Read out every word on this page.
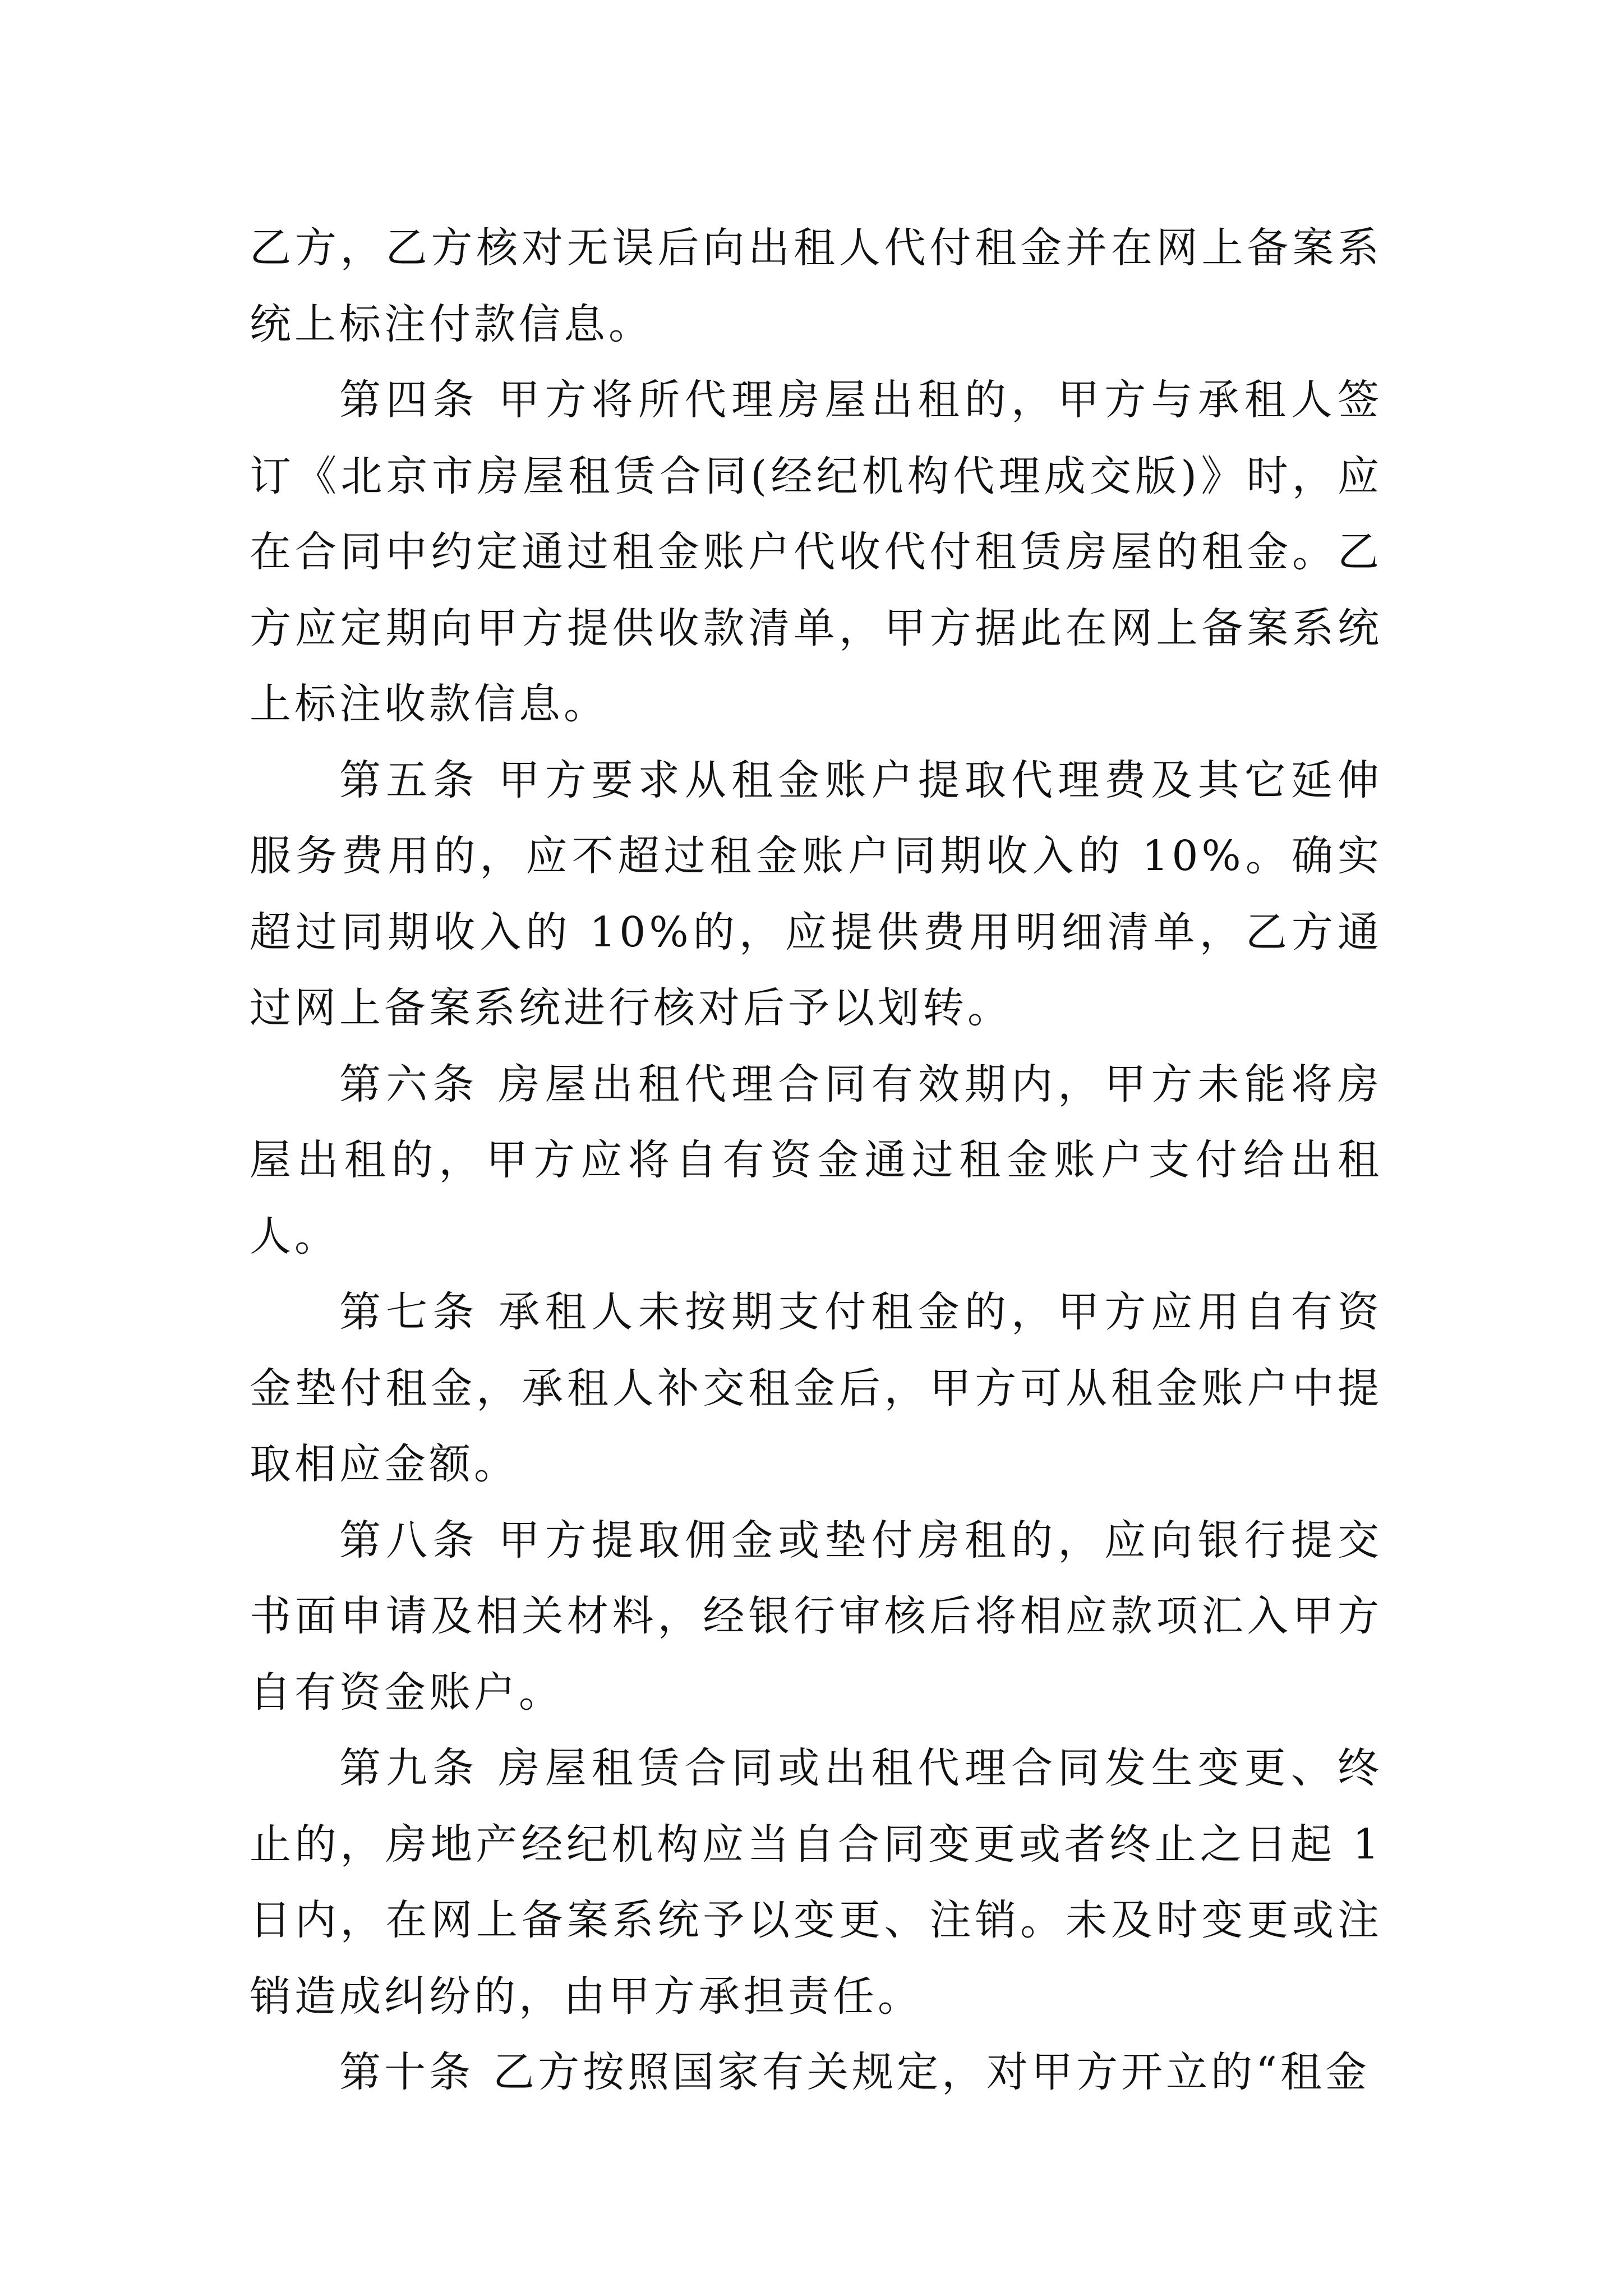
乙方，乙方核对无误后向出租人代付租金并在网上备案系统上标注付款信息。

第四条 甲方将所代理房屋出租的，甲方与承租人签订《北京市房屋租赁合同(经纪机构代理成交版)》时，应在合同中约定通过租金账户代收代付租赁房屋的租金。乙方应定期向甲方提供收款清单，甲方据此在网上备案系统上标注收款信息。

第五条 甲方要求从租金账户提取代理费及其它延伸服务费用的，应不超过租金账户同期收入的 10%。确实超过同期收入的 10%的，应提供费用明细清单，乙方通过网上备案系统进行核对后予以划转。

第六条 房屋出租代理合同有效期内，甲方未能将房屋出租的，甲方应将自有资金通过租金账户支付给出租人。

第七条 承租人未按期支付租金的，甲方应用自有资金垫付租金，承租人补交租金后，甲方可从租金账户中提取相应金额。

第八条 甲方提取佣金或垫付房租的，应向银行提交书面申请及相关材料，经银行审核后将相应款项汇入甲方自有资金账户。

第九条 房屋租赁合同或出租代理合同发生变更、终止的，房地产经纪机构应当自合同变更或者终止之日起 1 日内，在网上备案系统予以变更、注销。未及时变更或注销造成纠纷的，由甲方承担责任。

第十条 乙方按照国家有关规定，对甲方开立的“租金
